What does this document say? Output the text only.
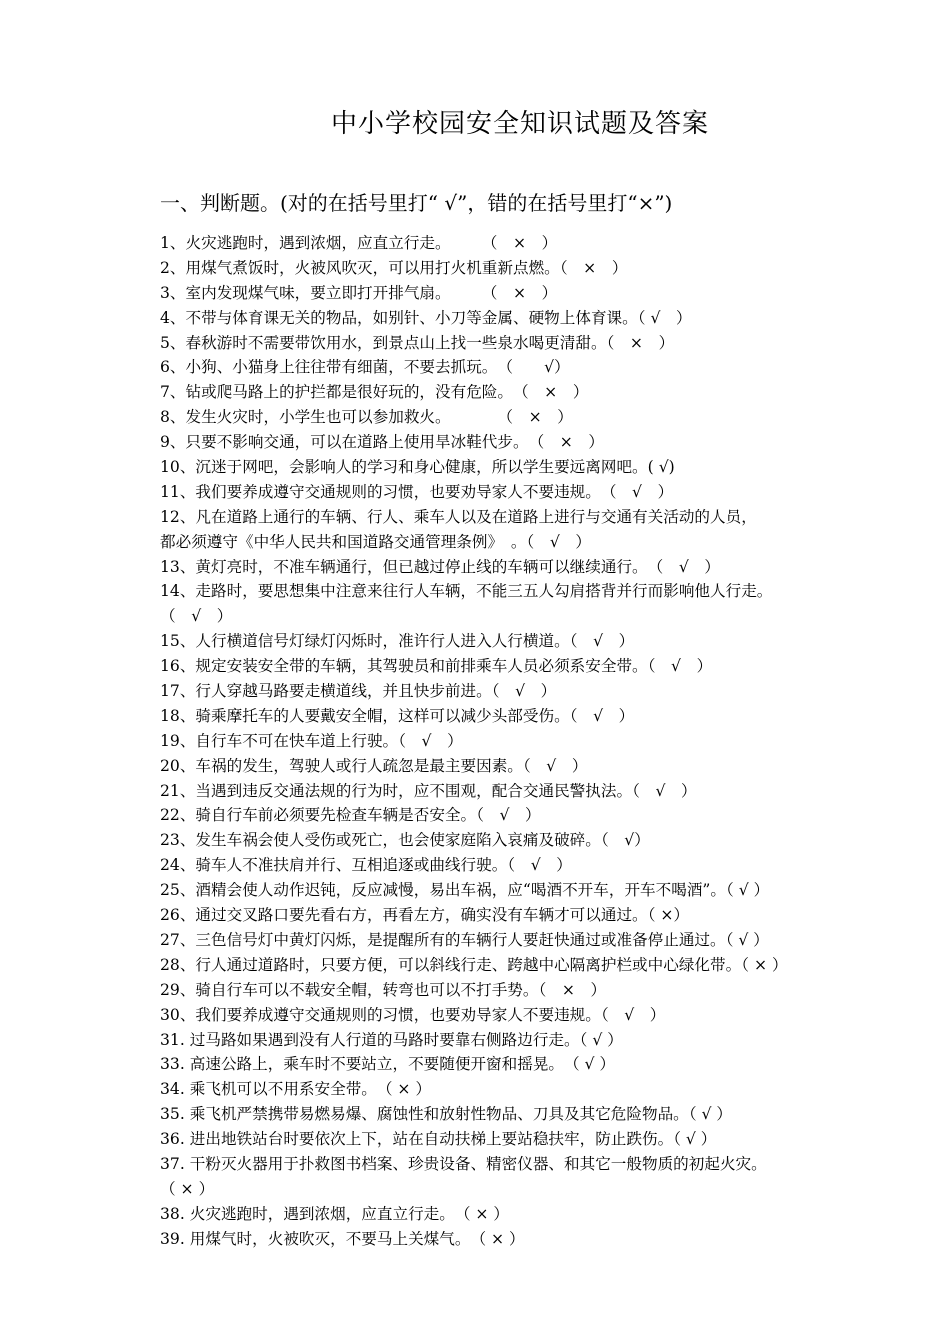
中小学校园安全知识试题及答案
一、判断题。(对的在括号里打“ √”，错的在括号里打“×”)
1、火灾逃跑时，遇到浓烟，应直立行走。　　　（　×　）
2、用煤气煮饭时，火被风吹灭，可以用打火机重新点燃。（　×　）
3、室内发现煤气味，要立即打开排气扇。　　　（　×　）
4、不带与体育课无关的物品，如别针、小刀等金属、硬物上体育课。（ √　）
5、春秋游时不需要带饮用水，到景点山上找一些泉水喝更清甜。（　×　）
6、小狗、小猫身上往往带有细菌，不要去抓玩。　（　　√）
7、钻或爬马路上的护拦都是很好玩的，没有危险。　（　×　）
8、发生火灾时，小学生也可以参加救火。　　　　（　×　）
9、只要不影响交通，可以在道路上使用旱冰鞋代步。　（　×　）
10、沉迷于网吧，会影响人的学习和身心健康，所以学生要远离网吧。( √)
11、我们要养成遵守交通规则的习惯，也要劝导家人不要违规。　（　√　）
12、凡在道路上通行的车辆、行人、乘车人以及在道路上进行与交通有关活动的人员，
都必须遵守《中华人民共和国道路交通管理条例》　。（　√　）
13、黄灯亮时，不准车辆通行，但已越过停止线的车辆可以继续通行。　（　√　）
14、走路时，要思想集中注意来往行人车辆，不能三五人勾肩搭背并行而影响他人行走。
（　√　）
15、人行横道信号灯绿灯闪烁时，准许行人进入人行横道。（　√　）
16、规定安装安全带的车辆，其驾驶员和前排乘车人员必须系安全带。（　√　）
17、行人穿越马路要走横道线，并且快步前进。（　√　）
18、骑乘摩托车的人要戴安全帽，这样可以减少头部受伤。（　√　）
19、自行车不可在快车道上行驶。（　√　）
20、车祸的发生，驾驶人或行人疏忽是最主要因素。（　√　）
21、当遇到违反交通法规的行为时，应不围观，配合交通民警执法。（　√　）
22、骑自行车前必须要先检查车辆是否安全。（　√　）
23、发生车祸会使人受伤或死亡，也会使家庭陷入哀痛及破碎。（　√）
24、骑车人不准扶肩并行、互相追逐或曲线行驶。（　√　）
25、酒精会使人动作迟钝，反应减慢，易出车祸，应“喝酒不开车，开车不喝酒”。（ √ ）
26、通过交叉路口要先看右方，再看左方，确实没有车辆才可以通过。（ ×）
27、三色信号灯中黄灯闪烁，是提醒所有的车辆行人要赶快通过或准备停止通过。（ √ ）
28、行人通过道路时，只要方便，可以斜线行走、跨越中心隔离护栏或中心绿化带。（ × ）
29、骑自行车可以不载安全帽，转弯也可以不打手势。（　×　）
30、我们要养成遵守交通规则的习惯，也要劝导家人不要违规。（　√　）
31. 过马路如果遇到没有人行道的马路时要靠右侧路边行走。（ √ ）
33. 高速公路上，乘车时不要站立，不要随便开窗和摇晃。　（ √ ）
34. 乘飞机可以不用系安全带。　（ × ）
35. 乘飞机严禁携带易燃易爆、腐蚀性和放射性物品、刀具及其它危险物品。（ √ ）
36. 进出地铁站台时要依次上下，站在自动扶梯上要站稳扶牢，防止跌伤。（ √ ）
37. 干粉灭火器用于扑救图书档案、珍贵设备、精密仪器、和其它一般物质的初起火灾。
（ × ）
38. 火灾逃跑时，遇到浓烟，应直立行走。　（ × ）
39. 用煤气时，火被吹灭，不要马上关煤气。　（ × ）
